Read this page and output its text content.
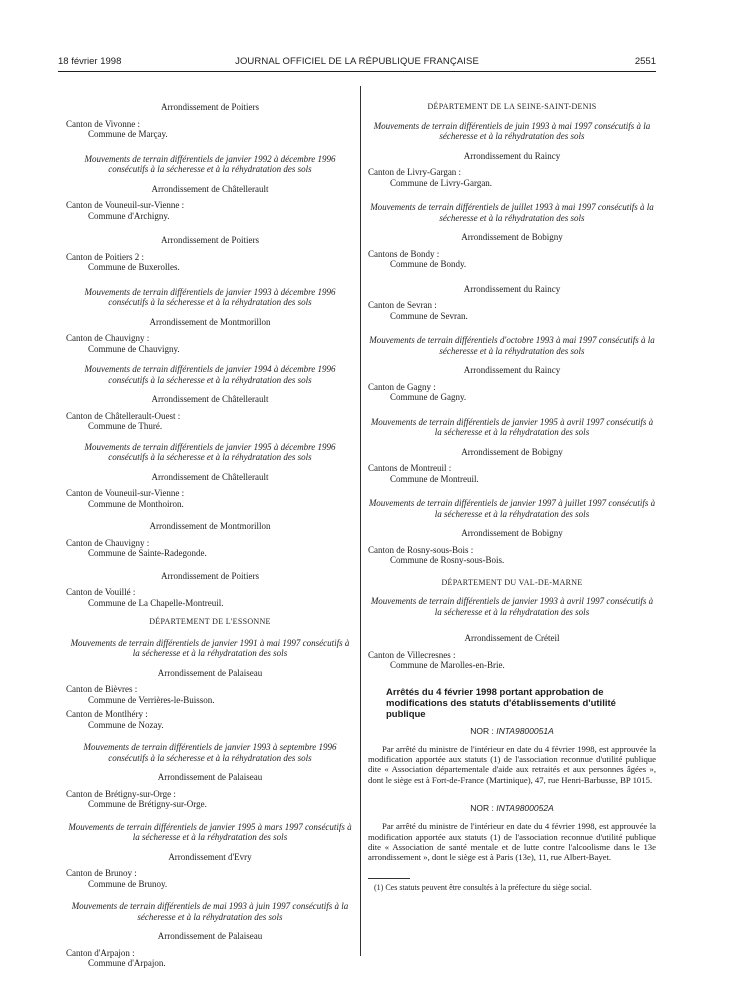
18 février 1998	JOURNAL OFFICIEL DE LA RÉPUBLIQUE FRANÇAISE	2551
Arrondissement de Poitiers
Canton de Vivonne :
Commune de Marçay.
Mouvements de terrain différentiels de janvier 1992 à décembre 1996 consécutifs à la sécheresse et à la réhydratation des sols
Arrondissement de Châtellerault
Canton de Vouneuil-sur-Vienne :
Commune d'Archigny.
Arrondissement de Poitiers
Canton de Poitiers 2 :
Commune de Buxerolles.
Mouvements de terrain différentiels de janvier 1993 à décembre 1996 consécutifs à la sécheresse et à la réhydratation des sols
Arrondissement de Montmorillon
Canton de Chauvigny :
Commune de Chauvigny.
Mouvements de terrain différentiels de janvier 1994 à décembre 1996 consécutifs à la sécheresse et à la réhydratation des sols
Arrondissement de Châtellerault
Canton de Châtellerault-Ouest :
Commune de Thuré.
Mouvements de terrain différentiels de janvier 1995 à décembre 1996 consécutifs à la sécheresse et à la réhydratation des sols
Arrondissement de Châtellerault
Canton de Vouneuil-sur-Vienne :
Commune de Monthoiron.
Arrondissement de Montmorillon
Canton de Chauvigny :
Commune de Sainte-Radegonde.
Arrondissement de Poitiers
Canton de Vouillé :
Commune de La Chapelle-Montreuil.
DÉPARTEMENT DE L'ESSONNE
Mouvements de terrain différentiels de janvier 1991 à mai 1997 consécutifs à la sécheresse et à la réhydratation des sols
Arrondissement de Palaiseau
Canton de Bièvres :
Commune de Verrières-le-Buisson.
Canton de Montlhéry :
Commune de Nozay.
Mouvements de terrain différentiels de janvier 1993 à septembre 1996 consécutifs à la sécheresse et à la réhydratation des sols
Arrondissement de Palaiseau
Canton de Brétigny-sur-Orge :
Commune de Brétigny-sur-Orge.
Mouvements de terrain différentiels de janvier 1995 à mars 1997 consécutifs à la sécheresse et à la réhydratation des sols
Arrondissement d'Evry
Canton de Brunoy :
Commune de Brunoy.
Mouvements de terrain différentiels de mai 1993 à juin 1997 consécutifs à la sécheresse et à la réhydratation des sols
Arrondissement de Palaiseau
Canton d'Arpajon :
Commune d'Arpajon.
DÉPARTEMENT DE LA SEINE-SAINT-DENIS
Mouvements de terrain différentiels de juin 1993 à mai 1997 consécutifs à la sécheresse et à la réhydratation des sols
Arrondissement du Raincy
Canton de Livry-Gargan :
Commune de Livry-Gargan.
Mouvements de terrain différentiels de juillet 1993 à mai 1997 consécutifs à la sécheresse et à la réhydratation des sols
Arrondissement de Bobigny
Cantons de Bondy :
Commune de Bondy.
Arrondissement du Raincy
Canton de Sevran :
Commune de Sevran.
Mouvements de terrain différentiels d'octobre 1993 à mai 1997 consécutifs à la sécheresse et à la réhydratation des sols
Arrondissement du Raincy
Canton de Gagny :
Commune de Gagny.
Mouvements de terrain différentiels de janvier 1995 à avril 1997 consécutifs à la sécheresse et à la réhydratation des sols
Arrondissement de Bobigny
Cantons de Montreuil :
Commune de Montreuil.
Mouvements de terrain différentiels de janvier 1997 à juillet 1997 consécutifs à la sécheresse et à la réhydratation des sols
Arrondissement de Bobigny
Canton de Rosny-sous-Bois :
Commune de Rosny-sous-Bois.
DÉPARTEMENT DU VAL-DE-MARNE
Mouvements de terrain différentiels de janvier 1993 à avril 1997 consécutifs à la sécheresse et à la réhydratation des sols
Arrondissement de Créteil
Canton de Villecresnes :
Commune de Marolles-en-Brie.
Arrêtés du 4 février 1998 portant approbation de modifications des statuts d'établissements d'utilité publique
NOR : INTA9800051A
Par arrêté du ministre de l'intérieur en date du 4 février 1998, est approuvée la modification apportée aux statuts (1) de l'association reconnue d'utilité publique dite « Association départementale d'aide aux retraités et aux personnes âgées », dont le siège est à Fort-de-France (Martinique), 47, rue Henri-Barbusse, BP 1015.
NOR : INTA9800052A
Par arrêté du ministre de l'intérieur en date du 4 février 1998, est approuvée la modification apportée aux statuts (1) de l'association reconnue d'utilité publique dite « Association de santé mentale et de lutte contre l'alcoolisme dans le 13e arrondissement », dont le siège est à Paris (13e), 11, rue Albert-Bayet.
(1) Ces statuts peuvent être consultés à la préfecture du siège social.
